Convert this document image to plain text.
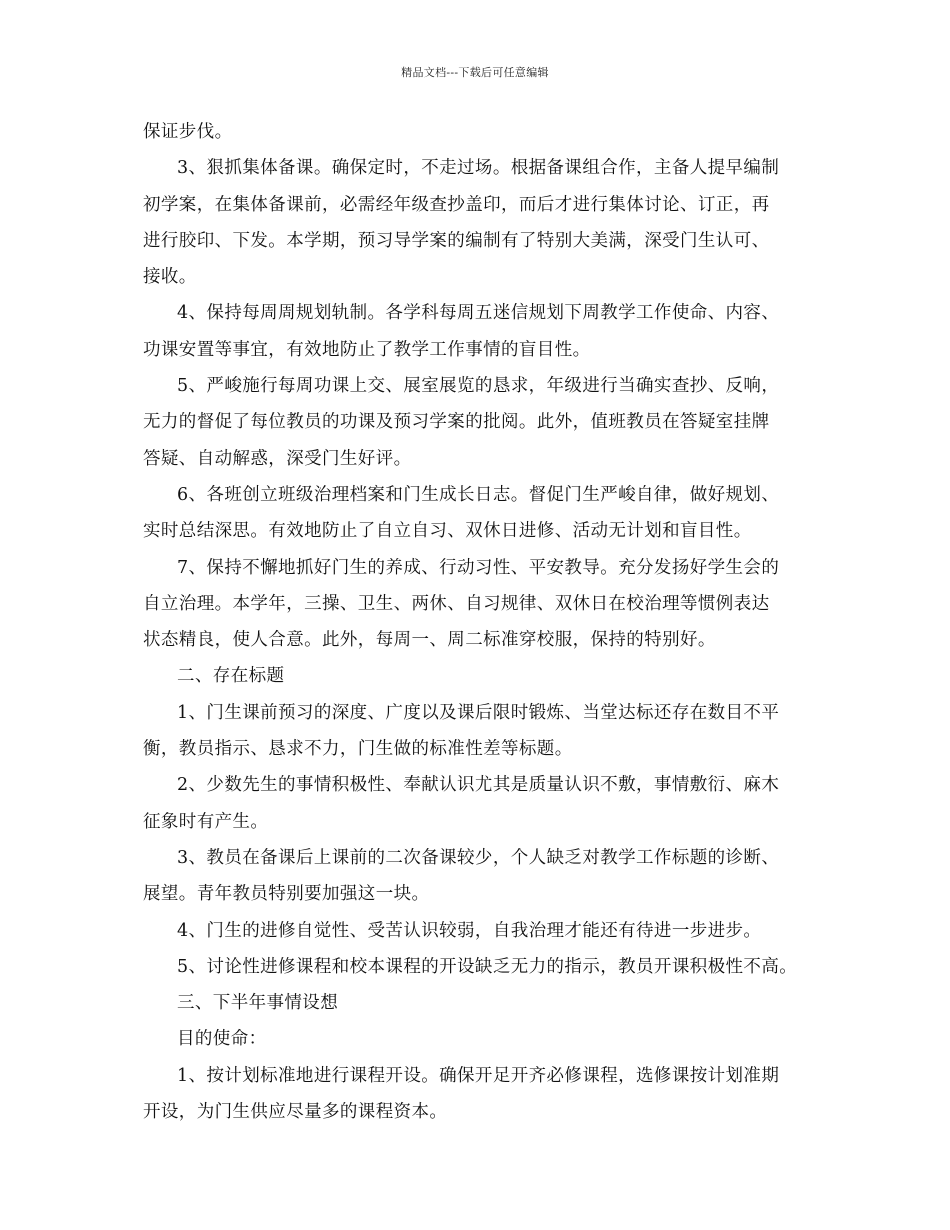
精品文档---下载后可任意编辑
保证步伐。
3、狠抓集体备课。确保定时，不走过场。根据备课组合作，主备人提早编制
初学案，在集体备课前，必需经年级查抄盖印，而后才进行集体讨论、订正，再
进行胶印、下发。本学期，预习导学案的编制有了特别大美满，深受门生认可、
接收。
4、保持每周周规划轨制。各学科每周五迷信规划下周教学工作使命、内容、
功课安置等事宜，有效地防止了教学工作事情的盲目性。
5、严峻施行每周功课上交、展室展览的恳求，年级进行当确实查抄、反响，
无力的督促了每位教员的功课及预习学案的批阅。此外，值班教员在答疑室挂牌
答疑、自动解惑，深受门生好评。
6、各班创立班级治理档案和门生成长日志。督促门生严峻自律，做好规划、
实时总结深思。有效地防止了自立自习、双休日进修、活动无计划和盲目性。
7、保持不懈地抓好门生的养成、行动习性、平安教导。充分发扬好学生会的
自立治理。本学年，三操、卫生、两休、自习规律、双休日在校治理等惯例表达
状态精良，使人合意。此外，每周一、周二标准穿校服，保持的特别好。
二、存在标题
1、门生课前预习的深度、广度以及课后限时锻炼、当堂达标还存在数目不平
衡，教员指示、恳求不力，门生做的标准性差等标题。
2、少数先生的事情积极性、奉献认识尤其是质量认识不敷，事情敷衍、麻木
征象时有产生。
3、教员在备课后上课前的二次备课较少，个人缺乏对教学工作标题的诊断、
展望。青年教员特别要加强这一块。
4、门生的进修自觉性、受苦认识较弱，自我治理才能还有待进一步进步。
5、讨论性进修课程和校本课程的开设缺乏无力的指示，教员开课积极性不高。
三、下半年事情设想
目的使命：
1、按计划标准地进行课程开设。确保开足开齐必修课程，选修课按计划准期
开设，为门生供应尽量多的课程资本。
